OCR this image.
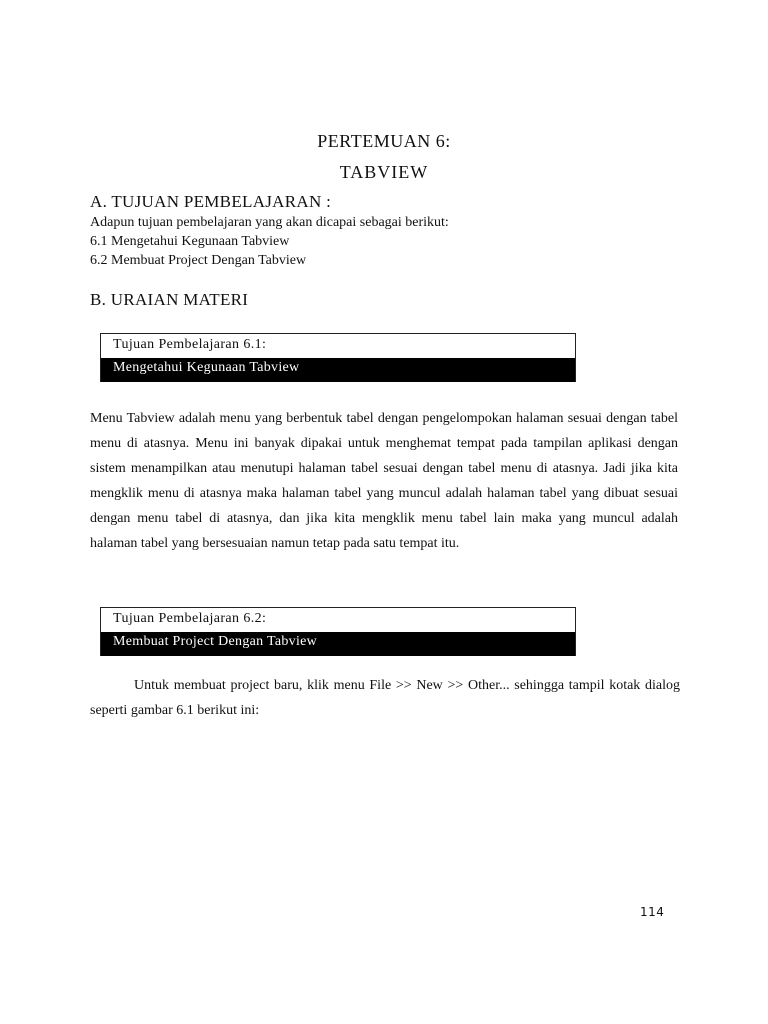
PERTEMUAN 6:
TABVIEW
A. TUJUAN PEMBELAJARAN :
Adapun tujuan pembelajaran yang akan dicapai sebagai berikut:
6.1 Mengetahui Kegunaan Tabview
6.2 Membuat Project Dengan Tabview
B. URAIAN MATERI
Tujuan Pembelajaran 6.1:
Mengetahui Kegunaan Tabview

Menu Tabview adalah menu yang berbentuk tabel dengan pengelompokan halaman sesuai dengan tabel menu di atasnya. Menu ini banyak dipakai untuk menghemat tempat pada tampilan aplikasi dengan sistem menampilkan atau menutupi halaman tabel sesuai dengan tabel menu di atasnya. Jadi jika kita mengklik menu di atasnya maka halaman tabel yang muncul adalah halaman tabel yang dibuat sesuai dengan menu tabel di atasnya, dan jika kita mengklik menu tabel lain maka yang muncul adalah halaman tabel yang bersesuaian namun tetap pada satu tempat itu.

Tujuan Pembelajaran 6.2:
Membuat Project Dengan Tabview

Untuk membuat project baru, klik menu File >> New >> Other... sehingga tampil kotak dialog seperti gambar 6.1 berikut ini:

114
